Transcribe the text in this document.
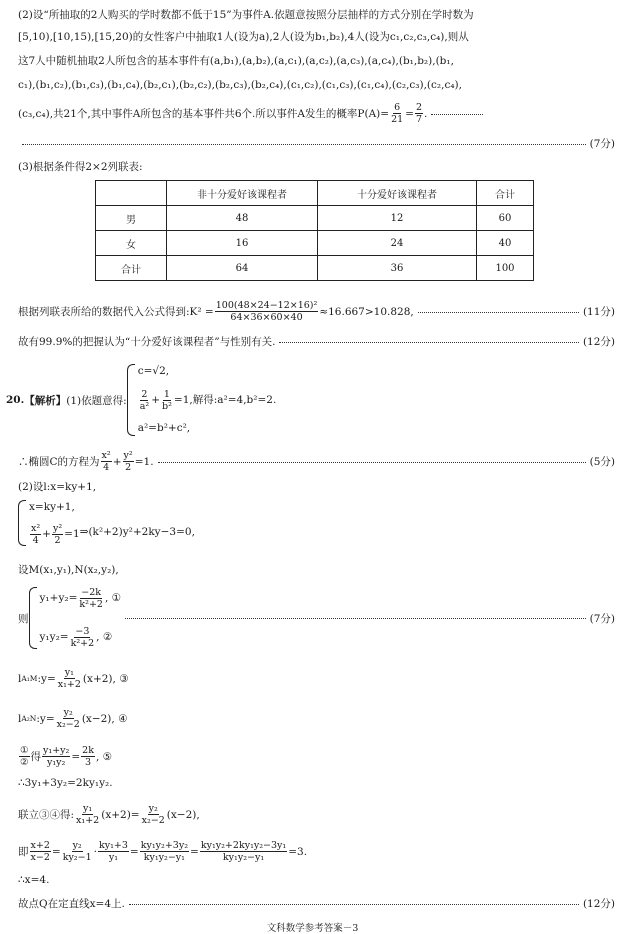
(2)设“所抽取的2人购买的学时数都不低于15”为事件A.依题意按照分层抽样的方式分别在学时数为
[5,10),[10,15),[15,20)的女性客户中抽取1人(设为a),2人(设为b₁,b₂),4人(设为c₁,c₂,c₃,c₄),则从
这7人中随机抽取2人所包含的基本事件有(a,b₁),(a,b₂),(a,c₁),(a,c₂),(a,c₃),(a,c₄),(b₁,b₂),(b₁,
c₁),(b₁,c₂),(b₁,c₃),(b₁,c₄),(b₂,c₁),(b₂,c₂),(b₂,c₃),(b₂,c₄),(c₁,c₂),(c₁,c₃),(c₁,c₄),(c₂,c₃),(c₂,c₄),
(c₃,c₄),共21个,其中事件A所包含的基本事件共6个.所以事件A发生的概率$P(A)= \frac{6}{21} = \frac{2}{7}$ .
(7分)
(3)根据条件得2×2列联表:
	非十分爱好该课程者	十分爱好该课程者	合计
男	48	12	60
女	16	24	40
合计	64	36	100
根据列联表所给的数据代入公式得到:K² = $\frac{\text{100(48×24−12×16)²}}{64\times 36\times 60\times 40} \approx 16.667>10.828$,	(11分)
故有99.9%的把握认为“十分爱好该课程者”与性别有关.	(12分)
20. 【解析】 (1)依题意得:
c=√2,
$\frac{2}{\text{a²}} + \frac{1}{\text{b²}} =1$,解得:a²=4,b²=2.
a²=b²+c²,
∴椭圆C的方程为 $\frac{\text{x²}}{4} + \frac{\text{y²}}{2} =1$.	(5分)
(2)设l:x=ky+1,
x=ky+1,
$\frac{\text{x²}}{4} + \frac{\text{y²}}{2} =1$ ⇒(k²+2)y²+2ky−3=0,
设M(x₁,y₁),N(x₂,y₂),
则
$y_1+y_2= \frac{-2k}{\text{k²+2}}$ , ①
$y_1y_2= \frac{-3}{\text{k²+2}}$ , ②
(7分)
l A₁M :y= $\frac{\text{y₁}}{\text{x₁+2}} (x+2)$, ③
l A₂N :y= $\frac{\text{y₂}}{\text{x₂−2}} (x-2)$, ④
$\frac{\text{①}}{\text{②}}$ 得 $\frac{\text{y₁+y₂}}{\text{y₁y₂}} = \frac{2k}{3}$ , ⑤
∴3y₁+3y₂=2ky₁y₂.
联立③④得: $\frac{\text{y₁}}{\text{x₁+2}} (x+2)= \frac{\text{y₂}}{\text{x₂−2}} (x-2)$,
即 $\frac{x+2}{x-2} = \frac{\text{y₂}}{\text{ky₂−1}} \cdot \frac{\text{ky₁+3}}{\text{y₁}} = \frac{\text{ky₁y₂+3y₂}}{\text{ky₁y₂−y₁}} = \frac{\text{ky₁y₂+2ky₁y₂−3y₁}}{\text{ky₁y₂−y₁}} =3$.
∴x=4.
故点Q在定直线x=4上.	(12分)
文科数学参考答案－3
